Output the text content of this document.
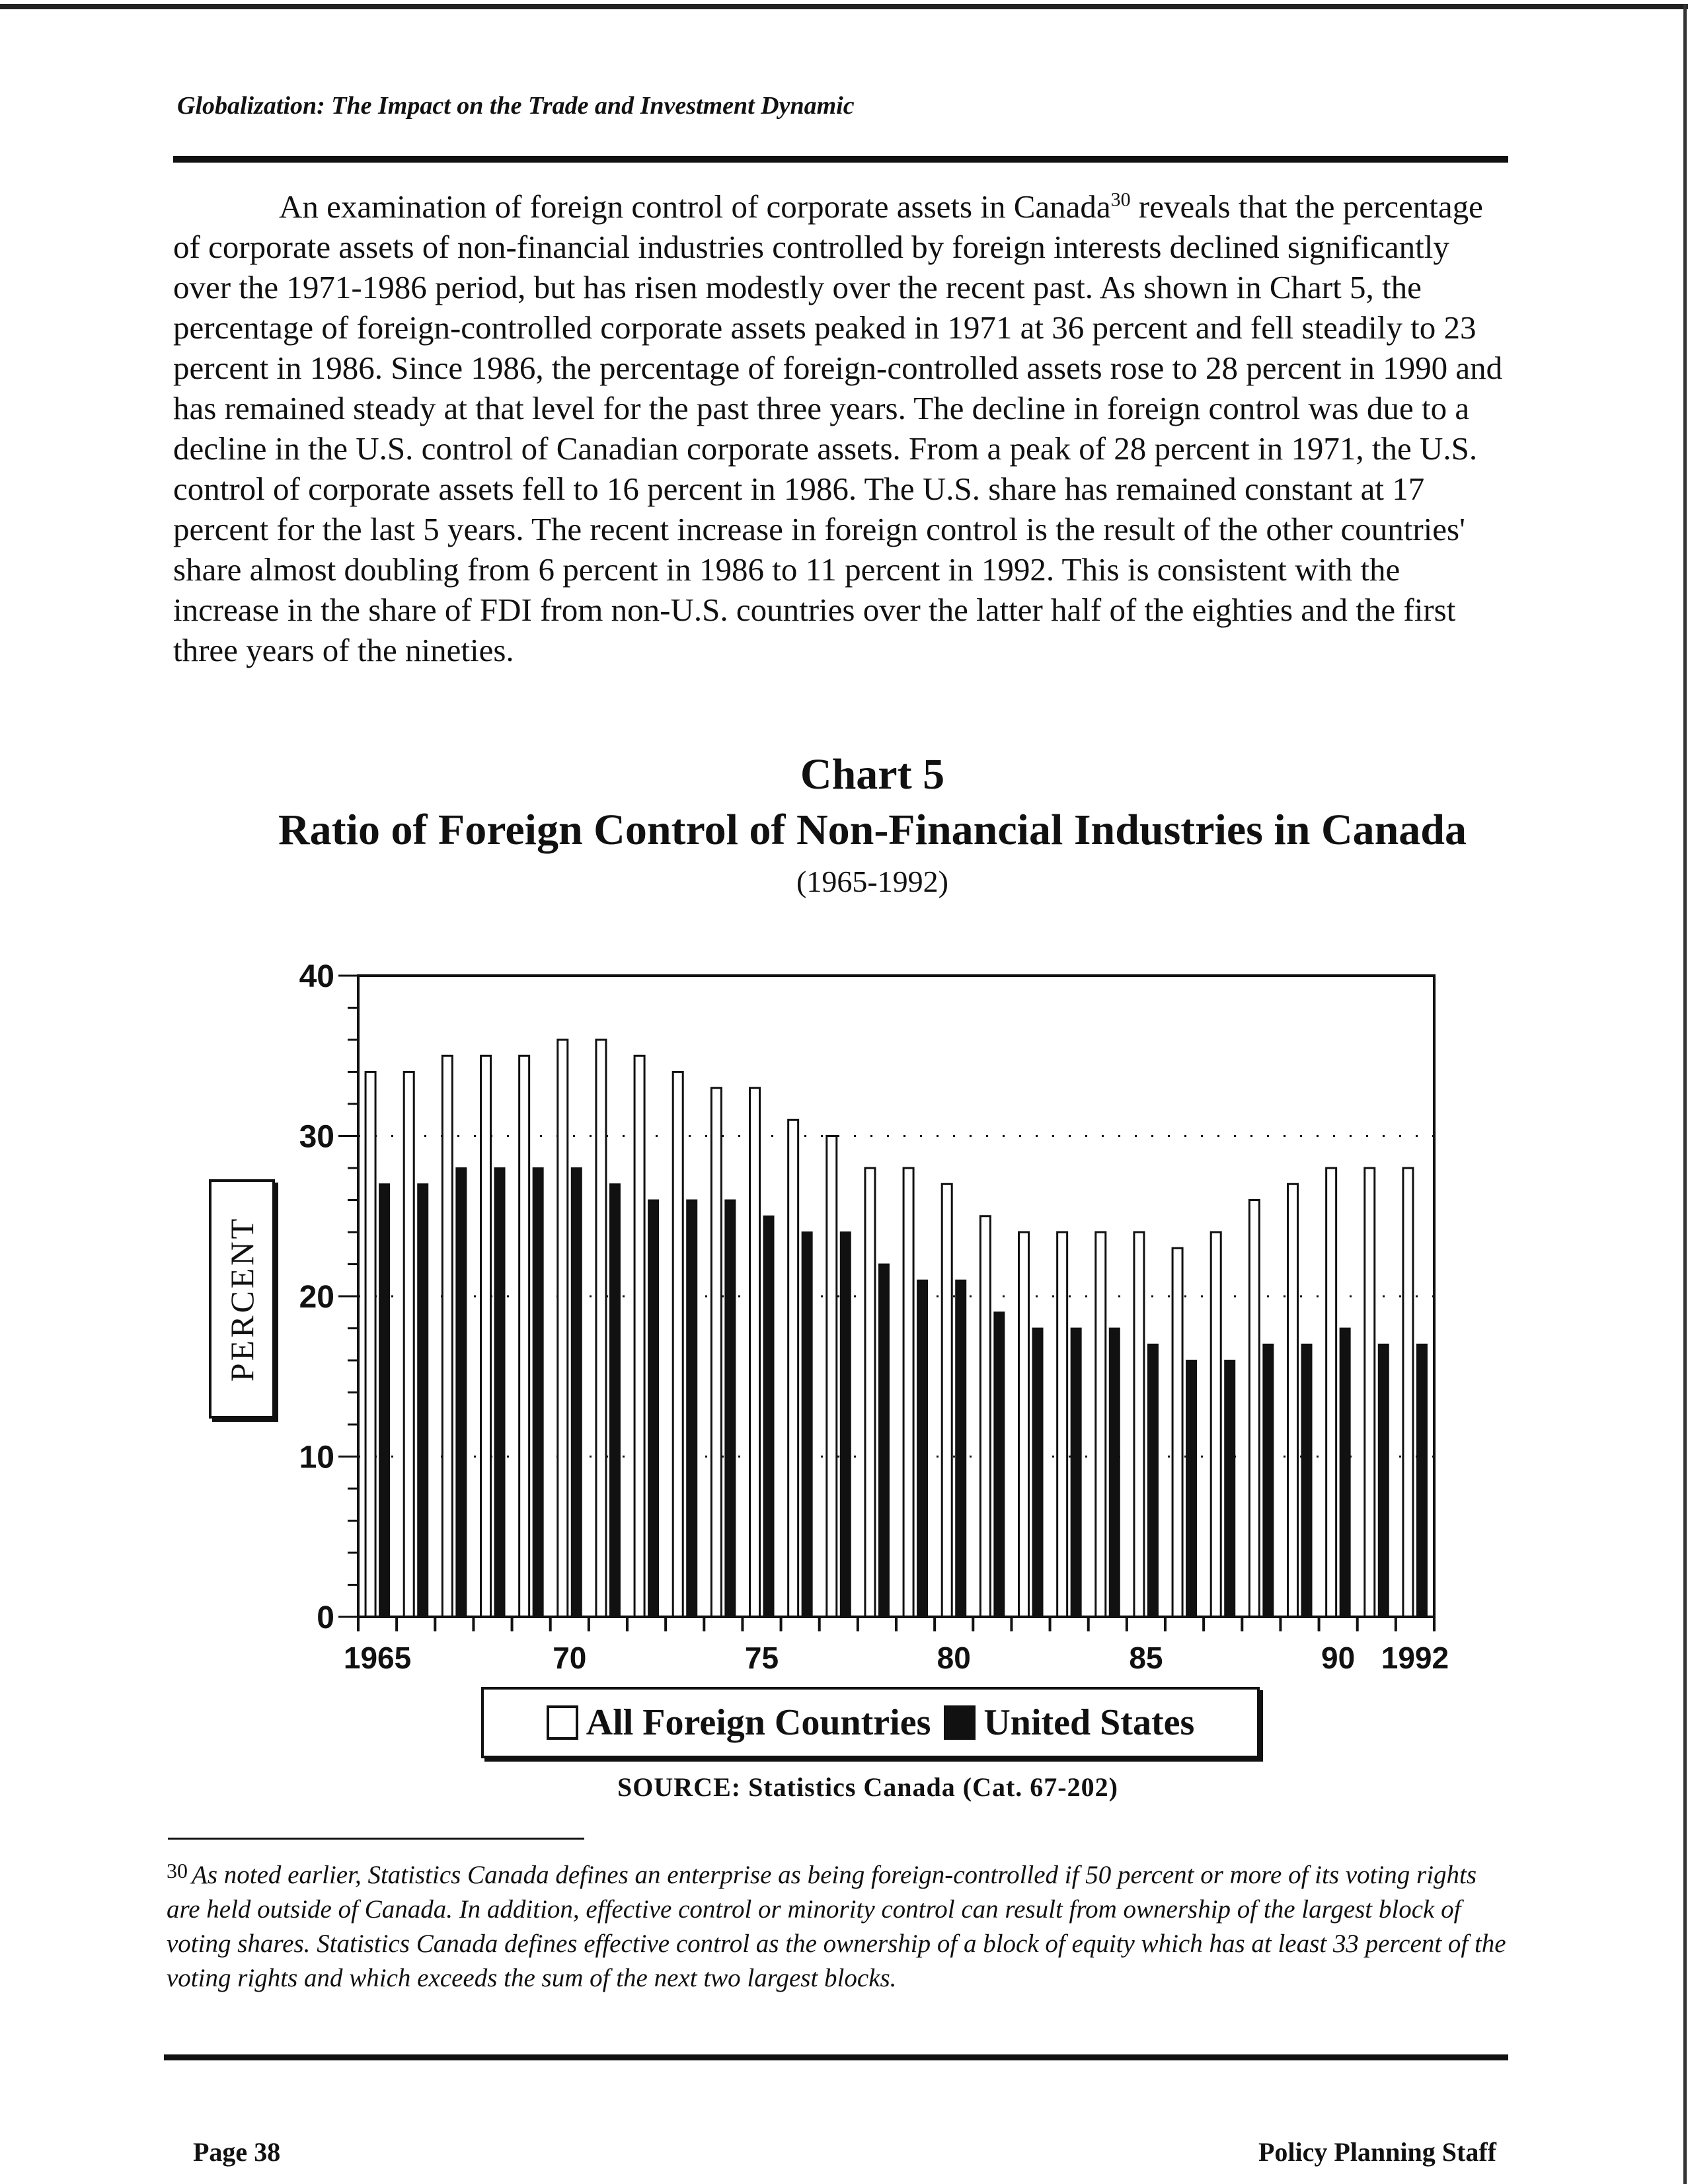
Globalization: The Impact on the Trade and Investment Dynamic

An examination of foreign control of corporate assets in Canada$^{30}$ reveals that the percentage of corporate assets of non-financial industries controlled by foreign interests declined significantly over the 1971-1986 period, but has risen modestly over the recent past. As shown in Chart 5, the percentage of foreign-controlled corporate assets peaked in 1971 at 36 percent and fell steadily to 23 percent in 1986. Since 1986, the percentage of foreign-controlled assets rose to 28 percent in 1990 and has remained steady at that level for the past three years. The decline in foreign control was due to a decline in the U.S. control of Canadian corporate assets. From a peak of 28 percent in 1971, the U.S. control of corporate assets fell to 16 percent in 1986. The U.S. share has remained constant at 17 percent for the last 5 years. The recent increase in foreign control is the result of the other countries' share almost doubling from 6 percent in 1986 to 11 percent in 1992. This is consistent with the increase in the share of FDI from non-U.S. countries over the latter half of the eighties and the first three years of the nineties.

Chart 5
Ratio of Foreign Control of Non-Financial Industries in Canada
(1965-1992)
PERCENT
0
10
20
30
40
1965	70	75	80	85	90 1992
All Foreign Countries United States
SOURCE: Statistics Canada (Cat. 67-202)

$^{30}$ As noted earlier, Statistics Canada defines an enterprise as being foreign-controlled if 50 percent or more of its voting rights are held outside of Canada. In addition, effective control or minority control can result from ownership of the largest block of voting shares. Statistics Canada defines effective control as the ownership of a block of equity which has at least 33 percent of the voting rights and which exceeds the sum of the next two largest blocks.

Page 38	Policy Planning Staff
